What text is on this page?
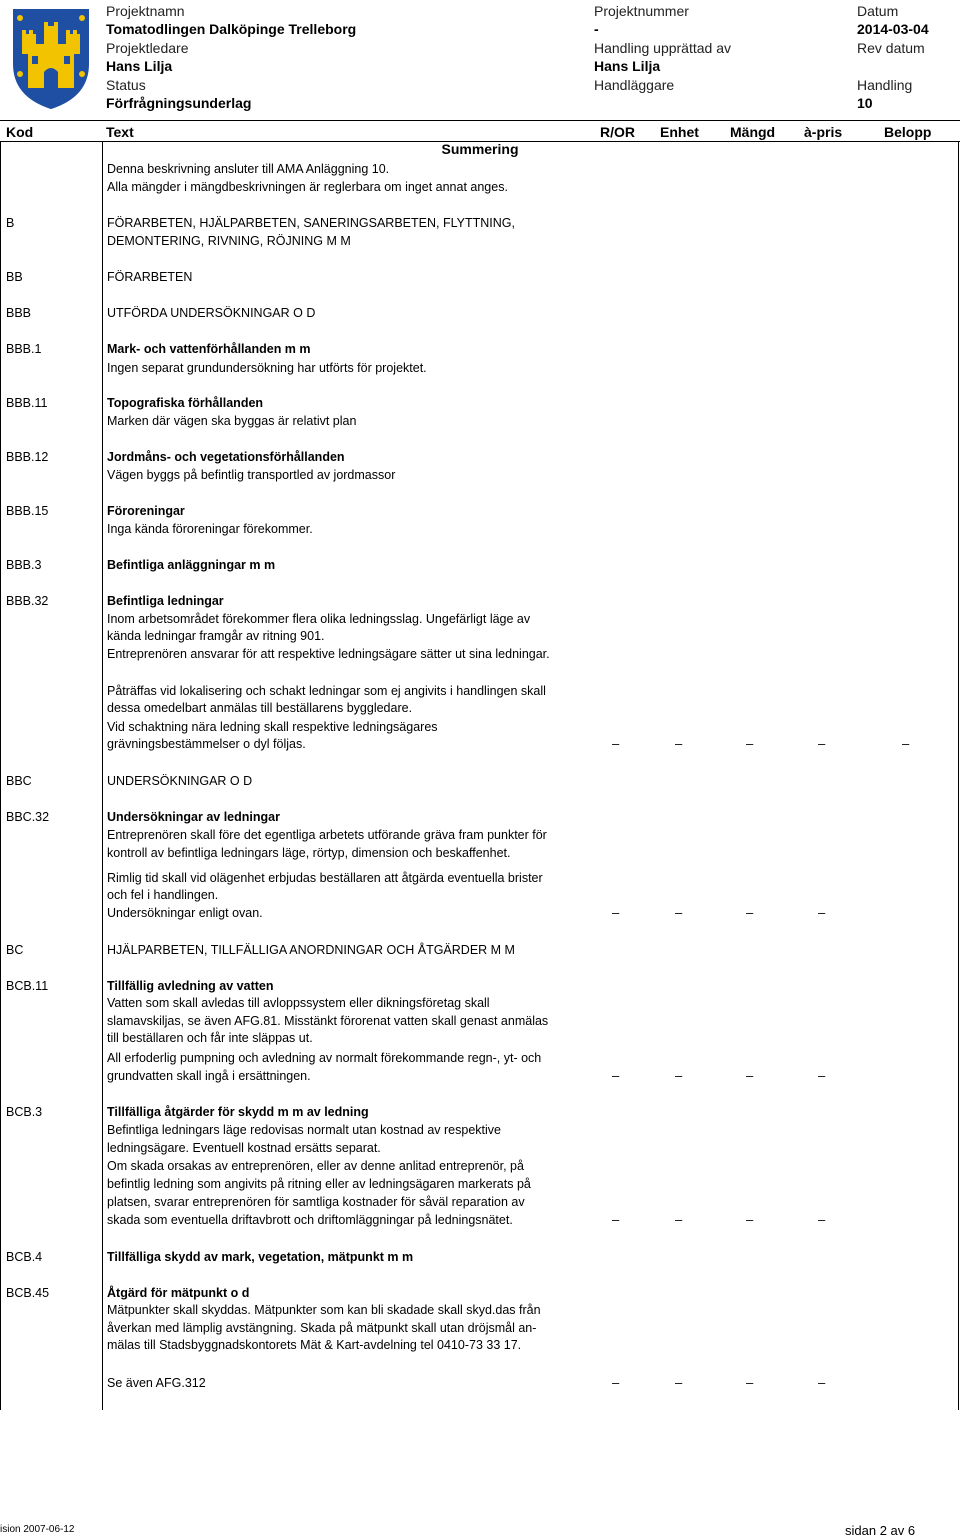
Projektnamn
Tomatodlingen Dalköpinge Trelleborg
Projektnummer
-
Datum
2014-03-04
Projektledare
Hans Lilja
Handling upprättad av
Hans Lilja
Rev datum
Status
Förfrågningsunderlag
Handläggare	Handling
10
Kod	Text	R/OR Enhet Mängd à-pris	Belopp
Summering
Denna beskrivning ansluter till AMA Anläggning 10.
Alla mängder i mängdbeskrivningen är reglerbara om inget annat anges.
B	FÖRARBETEN, HJÄLPARBETEN, SANERINGSARBETEN, FLYTTNING,
DEMONTERING, RIVNING, RÖJNING M M
BB	FÖRARBETEN
BBB	UTFÖRDA UNDERSÖKNINGAR O D
BBB.1	Mark- och vattenförhållanden m m
Ingen separat grundundersökning har utförts för projektet.
BBB.11	Topografiska förhållanden
Marken där vägen ska byggas är relativt plan
BBB.12	Jordmåns- och vegetationsförhållanden
Vägen byggs på befintlig transportled av jordmassor
BBB.15	Föroreningar
Inga kända föroreningar förekommer.
BBB.3	Befintliga anläggningar m m
BBB.32	Befintliga ledningar
Inom arbetsområdet förekommer flera olika ledningsslag. Ungefärligt läge av
kända ledningar framgår av ritning 901.
Entreprenören ansvarar för att respektive ledningsägare sätter ut sina ledningar.
Påträffas vid lokalisering och schakt ledningar som ej angivits i handlingen skall
dessa omedelbart anmälas till beställarens byggledare.
Vid schaktning nära ledning skall respektive ledningsägares
grävningsbestämmelser o dyl följas.	–	–	–	–	–
BBC	UNDERSÖKNINGAR O D
BBC.32	Undersökningar av ledningar
Entreprenören skall före det egentliga arbetets utförande gräva fram punkter för
kontroll av befintliga ledningars läge, rörtyp, dimension och beskaffenhet.
Rimlig tid skall vid olägenhet erbjudas beställaren att åtgärda eventuella brister
och fel i handlingen.
Undersökningar enligt ovan.	–	–	–	–
BC	HJÄLPARBETEN, TILLFÄLLIGA ANORDNINGAR OCH ÅTGÄRDER M M
BCB.11	Tillfällig avledning av vatten
Vatten som skall avledas till avloppssystem eller dikningsföretag skall
slamavskiljas, se även AFG.81. Misstänkt förorenat vatten skall genast anmälas
till beställaren och får inte släppas ut.
All erfoderlig pumpning och avledning av normalt förekommande regn-, yt- och
grundvatten skall ingå i ersättningen.	–	–	–	–
BCB.3	Tillfälliga åtgärder för skydd m m av ledning
Befintliga ledningars läge redovisas normalt utan kostnad av respektive
ledningsägare. Eventuell kostnad ersätts separat.
Om skada orsakas av entreprenören, eller av denne anlitad entreprenör, på
befintlig ledning som angivits på ritning eller av ledningsägaren markerats på
platsen, svarar entreprenören för samtliga kostnader för såväl reparation av
skada som eventuella driftavbrott och driftomläggningar på ledningsnätet.	–	–	–	–
BCB.4	Tillfälliga skydd av mark, vegetation, mätpunkt m m
BCB.45	Åtgärd för mätpunkt o d
Mätpunkter skall skyddas. Mätpunkter som kan bli skadade skall skyd.das från
åverkan med lämplig avstängning. Skada på mätpunkt skall utan dröjsmål an-
mälas till Stadsbyggnadskontorets Mät & Kart-avdelning tel 0410-73 33 17.
Se även AFG.312	–	–	–	–
ision 2007-06-12	sidan 2 av 6
